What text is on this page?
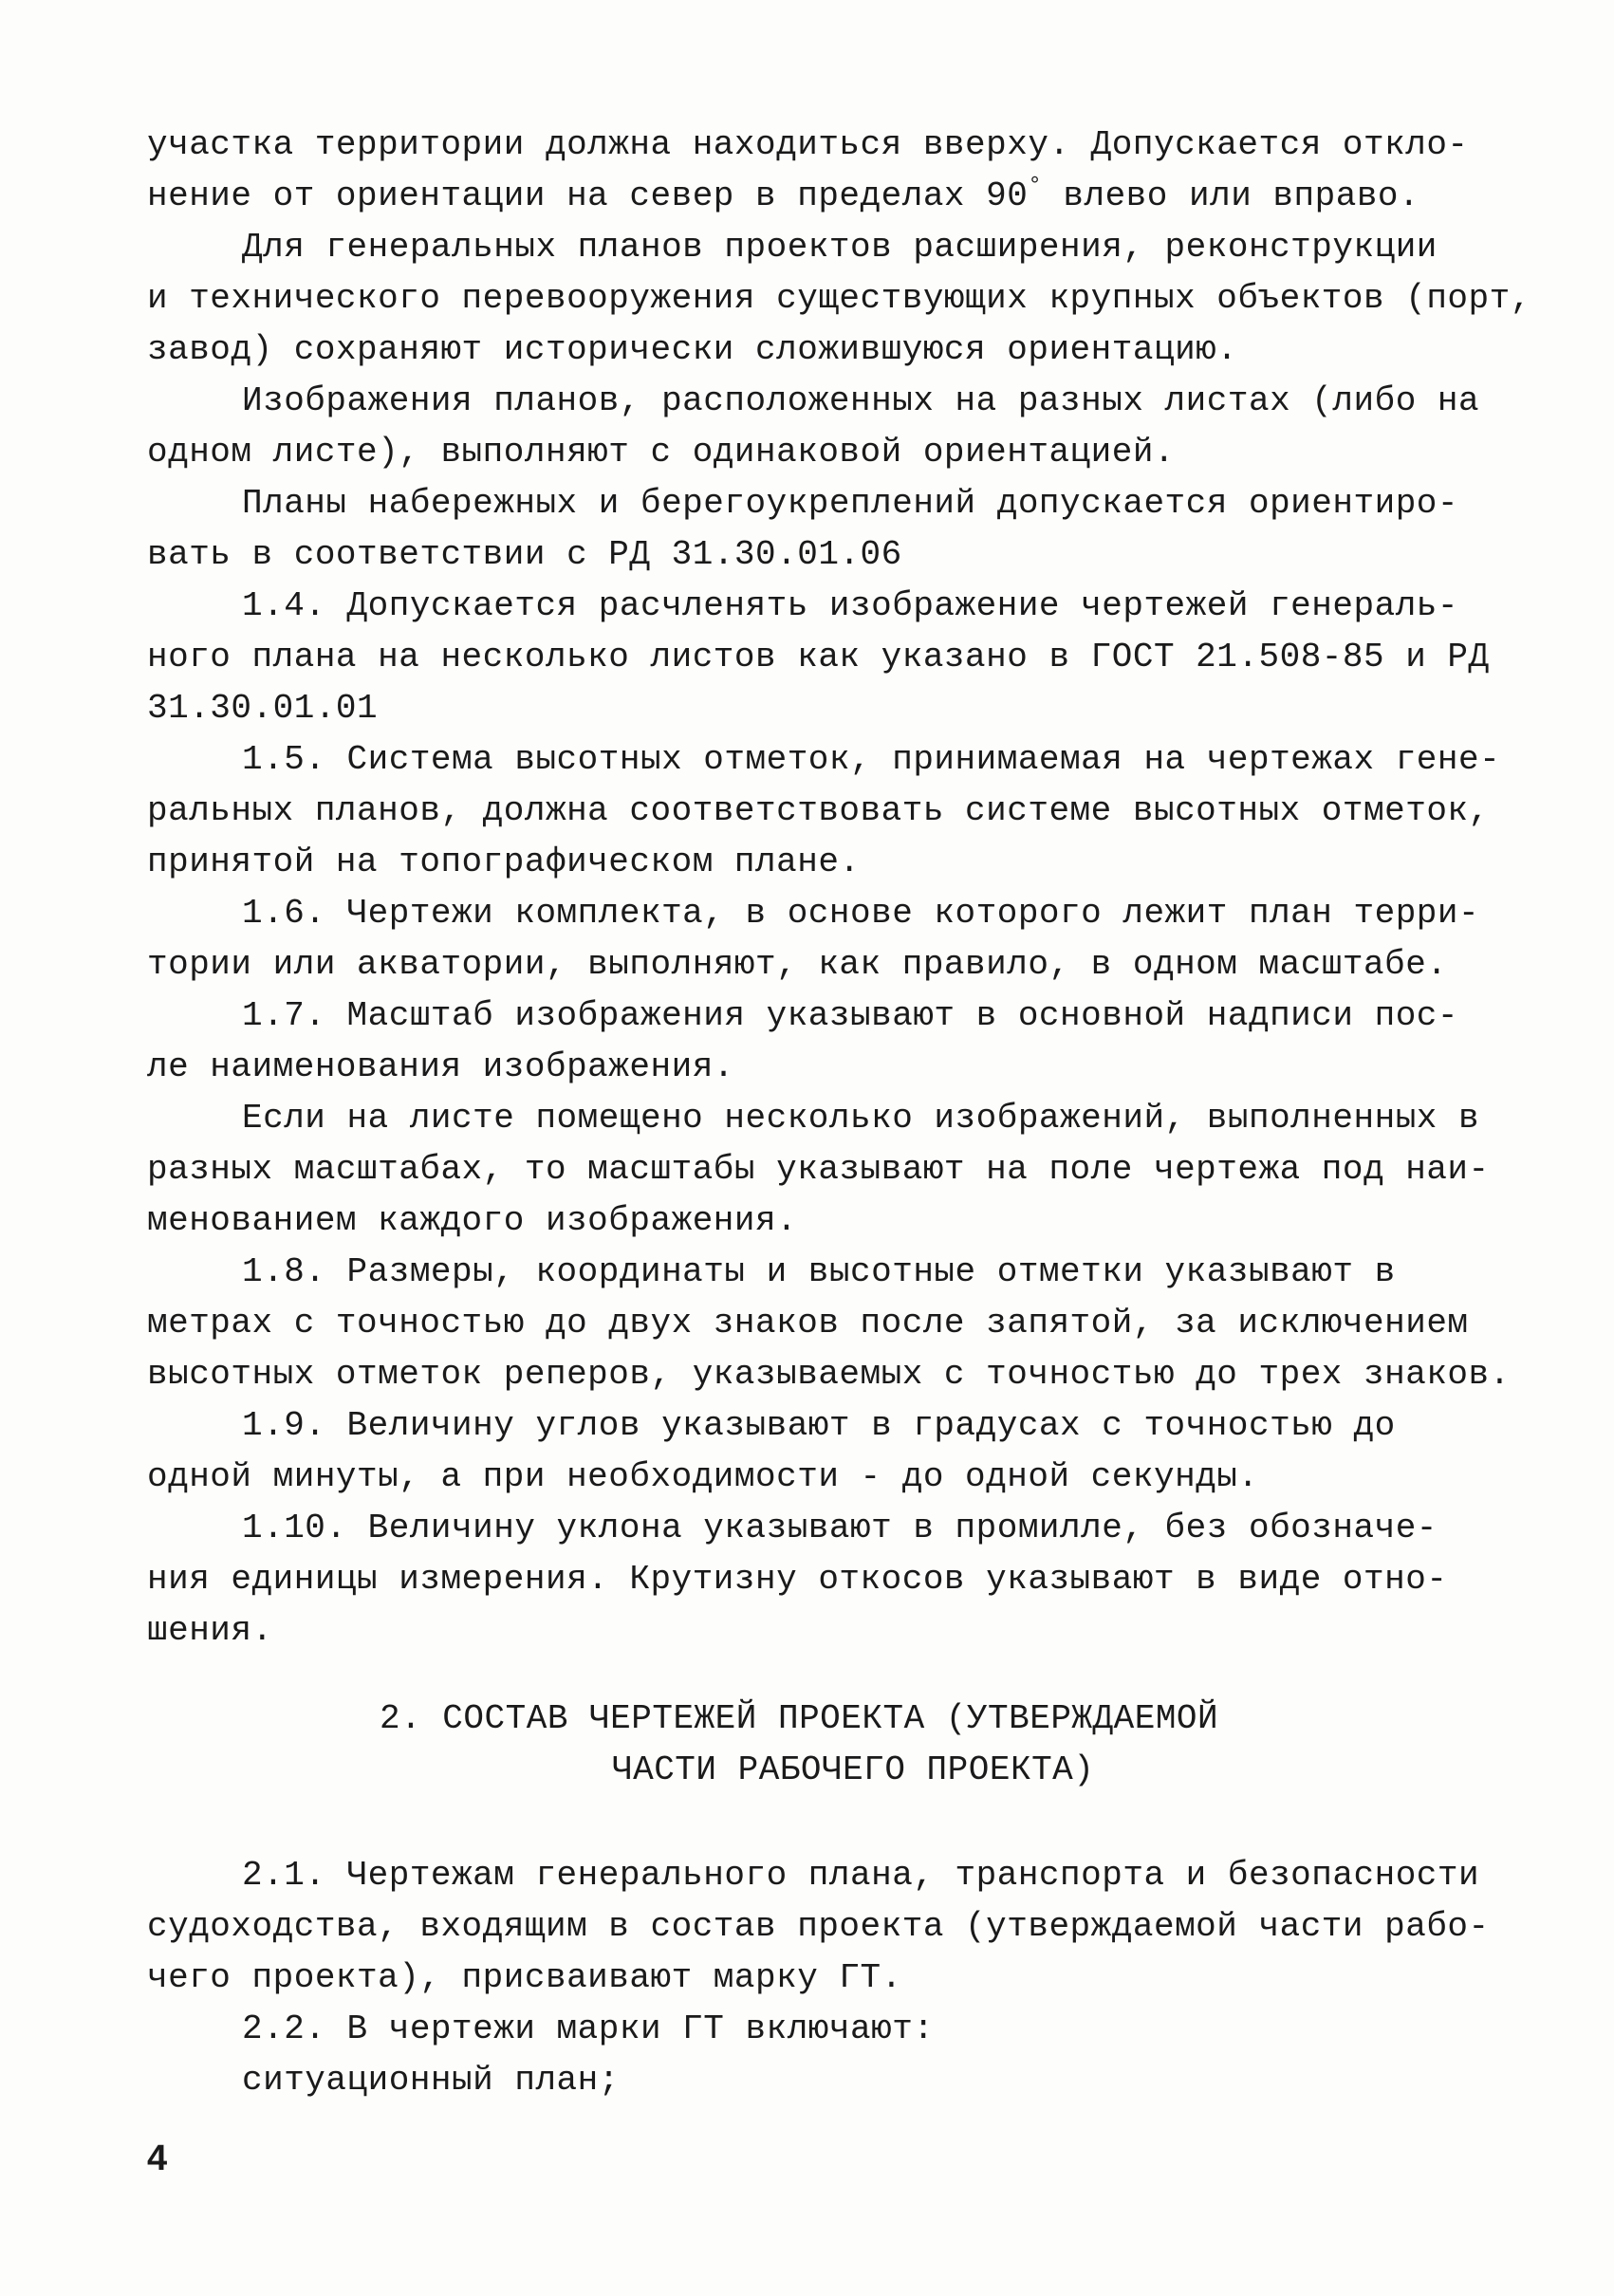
участка территории должна находиться вверху. Допускается откло-
нение от ориентации на север в пределах 90° влево или вправо.
Для генеральных планов проектов расширения, реконструкции
и технического перевооружения существующих крупных объектов (порт,
завод) сохраняют исторически сложившуюся ориентацию.
Изображения планов, расположенных на разных листах (либо на
одном листе), выполняют с одинаковой ориентацией.
Планы набережных и берегоукреплений допускается ориентиро-
вать в соответствии с РД 31.30.01.06
1.4. Допускается расчленять изображение чертежей генераль-
ного плана на несколько листов как указано в ГОСТ 21.508-85 и РД
31.30.01.01
1.5. Система высотных отметок, принимаемая на чертежах гене-
ральных планов, должна соответствовать системе высотных отметок,
принятой на топографическом плане.
1.6. Чертежи комплекта, в основе которого лежит план терри-
тории или акватории, выполняют, как правило, в одном масштабе.
1.7. Масштаб изображения указывают в основной надписи пос-
ле наименования изображения.
Если на листе помещено несколько изображений, выполненных в
разных масштабах, то масштабы указывают на поле чертежа под наи-
менованием каждого изображения.
1.8. Размеры, координаты и высотные отметки указывают в
метрах с точностью до двух знаков после запятой, за исключением
высотных отметок реперов, указываемых с точностью до трех знаков.
1.9. Величину углов указывают в градусах с точностью до
одной минуты, а при необходимости - до одной секунды.
1.10. Величину уклона указывают в промилле, без обозначе-
ния единицы измерения. Крутизну откосов указывают в виде отно-
шения.
2. СОСТАВ ЧЕРТЕЖЕЙ ПРОЕКТА (УТВЕРЖДАЕМОЙ
ЧАСТИ РАБОЧЕГО ПРОЕКТА)
2.1. Чертежам генерального плана, транспорта и безопасности
судоходства, входящим в состав проекта (утверждаемой части рабо-
чего проекта), присваивают марку ГТ.
2.2. В чертежи марки ГТ включают:
ситуационный план;
4
